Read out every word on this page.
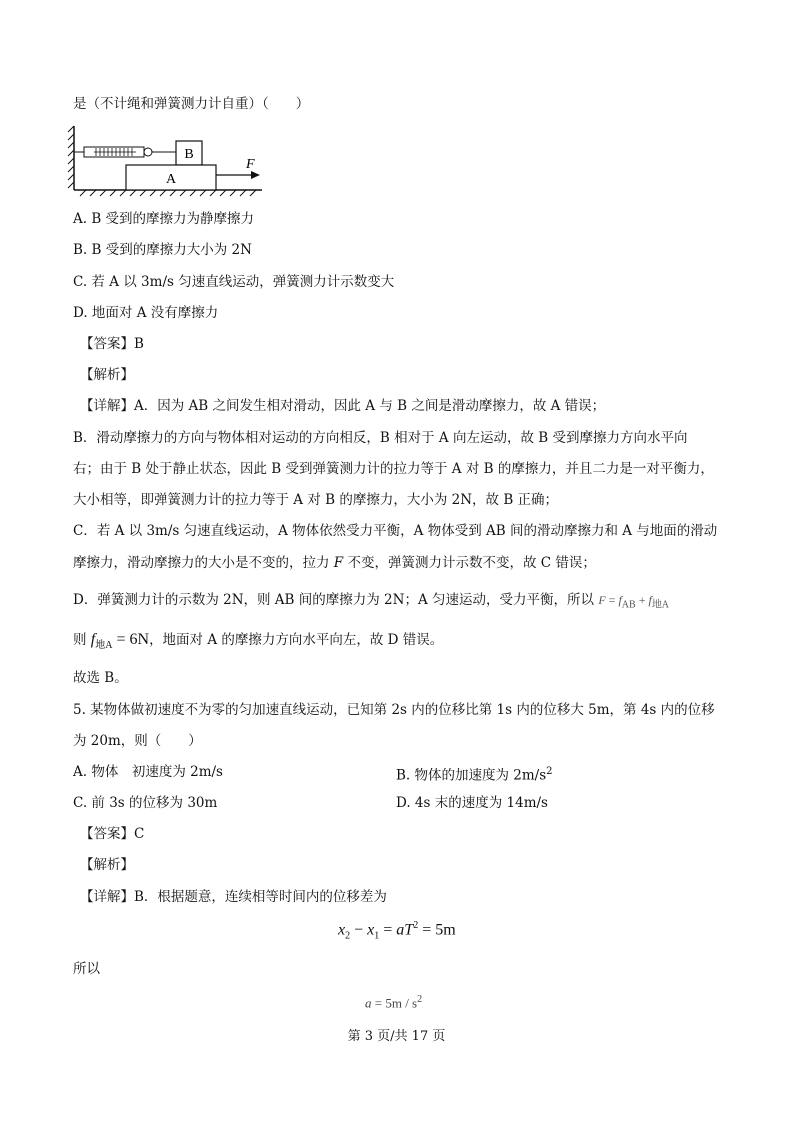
是（不计绳和弹簧测力计自重）（　　）
B
A
F
A. B 受到的摩擦力为静摩擦力
B. B 受到的摩擦力大小为 2N
C. 若 A 以 3m/s 匀速直线运动，弹簧测力计示数变大
D. 地面对 A 没有摩擦力
【答案】B
【解析】
【详解】A．因为 AB 之间发生相对滑动，因此 A 与 B 之间是滑动摩擦力，故 A 错误；
B．滑动摩擦力的方向与物体相对运动的方向相反，B 相对于 A 向左运动，故 B 受到摩擦力方向水平向
右；由于 B 处于静止状态，因此 B 受到弹簧测力计的拉力等于 A 对 B 的摩擦力，并且二力是一对平衡力，
大小相等，即弹簧测力计的拉力等于 A 对 B 的摩擦力，大小为 2N，故 B 正确；
C．若 A 以 3m/s 匀速直线运动，A 物体依然受力平衡，A 物体受到 AB 间的滑动摩擦力和 A 与地面的滑动
摩擦力，滑动摩擦力的大小是不变的，拉力 F 不变，弹簧测力计示数不变，故 C 错误；
D．弹簧测力计的示数为 2N，则 AB 间的摩擦力为 2N；A 匀速运动，受力平衡，所以 $F = f_{AB} + f_{地A}$
则 $f_{地A} = 6N$，地面对 A 的摩擦力方向水平向左，故 D 错误。
故选 B。
5. 某物体做初速度不为零的匀加速直线运动，已知第 2s 内的位移比第 1s 内的位移大 5m，第 4s 内的位移
为 20m，则（　　）
A. 物体　初速度为 2m/s	B. 物体的加速度为 $2m/s^2$
C. 前 3s 的位移为 30m	D. 4s 末的速度为 14m/s
【答案】C
【解析】
【详解】B．根据题意，连续相等时间内的位移差为
$x_2 - x_1 = aT^2 = 5m$
所以
$a = 5m / s^2$
第 3 页/共 17 页
